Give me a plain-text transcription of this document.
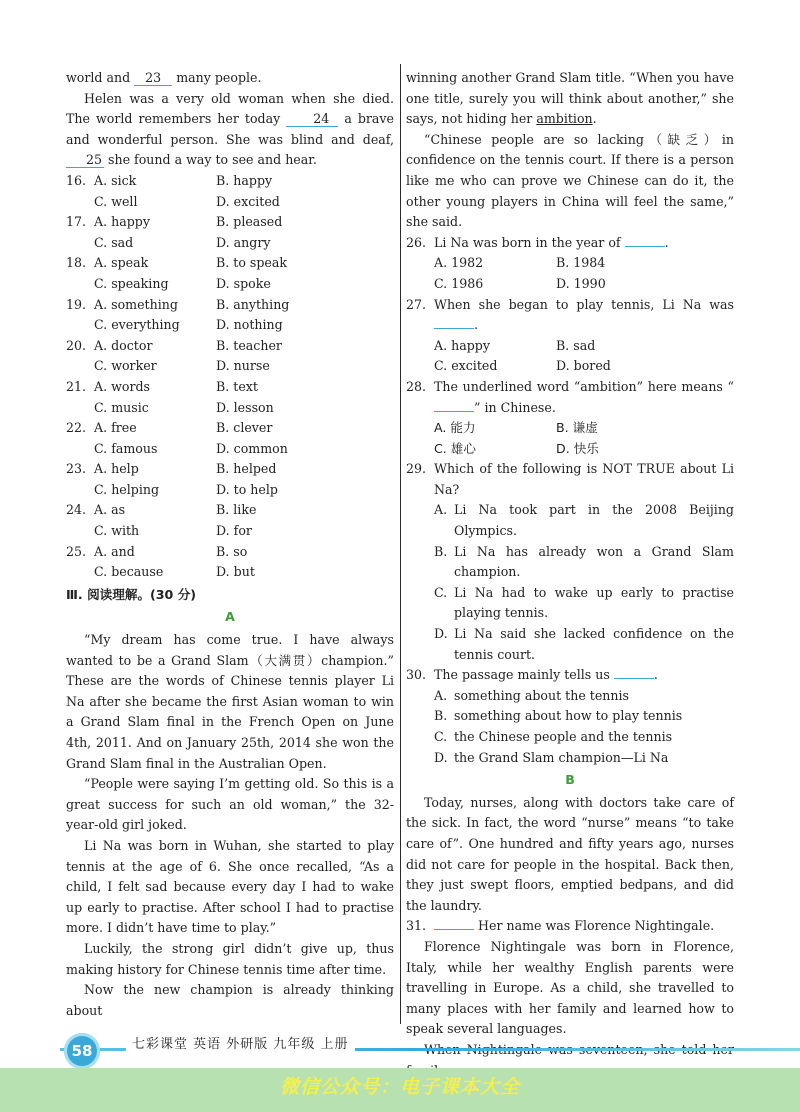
world and 23 many people.

Helen was a very old woman when she died. The world remembers her today	24 a brave and wonderful person. She was blind and deaf, 25 she found a way to see and hear.

16. A. sick	B. happy
C. well	D. excited
17. A. happy	B. pleased
C. sad	D. angry
18. A. speak	B. to speak
C. speaking	D. spoke
19. A. something	B. anything
C. everything	D. nothing
20. A. doctor	B. teacher
C. worker	D. nurse
21. A. words	B. text
C. music	D. lesson
22. A. free	B. clever
C. famous	D. common
23. A. help	B. helped
C. helping	D. to help
24. A. as	B. like
C. with	D. for
25. A. and	B. so
C. because	D. but
Ⅲ. 阅读理解。(30 分)
A

“My dream has come true. I have always wanted to be a Grand Slam（大满贯）champion.” These are the words of Chinese tennis player Li Na after she became the first Asian woman to win a Grand Slam final in the French Open on June 4th, 2011. And on January 25th, 2014 she won the Grand Slam final in the Australian Open.

“People were saying I’m getting old. So this is a great success for such an old woman,” the 32-year-old girl joked.

Li Na was born in Wuhan, she started to play tennis at the age of 6. She once recalled, “As a child, I felt sad because every day I had to wake up early to practise. After school I had to practise more. I didn’t have time to play.”

Luckily, the strong girl didn’t give up, thus making history for Chinese tennis time after time.

Now the new champion is already thinking about

winning another Grand Slam title. “When you have one title, surely you will think about another,” she says, not hiding her ambition.

“Chinese people are so lacking（缺乏）in confidence on the tennis court. If there is a person like me who can prove we Chinese can do it, the other young players in China will feel the same,” she said.

26. Li Na was born in the year of	.
A. 1982	B. 1984
C. 1986	D. 1990
27. When she began to play tennis, Li Na was .
A. happy	B. sad
C. excited	D. bored
28. The underlined word “ambition” here means “” in Chinese.
A. 能力	B. 谦虚
C. 雄心	D. 快乐
29. Which of the following is NOT TRUE about Li Na?
A. Li Na took part in the 2008 Beijing Olympics.
B. Li Na has already won a Grand Slam champion.
C. Li Na had to wake up early to practise playing tennis.
D. Li Na said she lacked confidence on the tennis court.
30. The passage mainly tells us	.
A. something about the tennis
B. something about how to play tennis
C. the Chinese people and the tennis
D. the Grand Slam champion—Li Na
B

Today, nurses, along with doctors take care of the sick. In fact, the word “nurse” means “to take care of”. One hundred and fifty years ago, nurses did not care for people in the hospital. Back then, they just swept floors, emptied bedpans, and did the laundry.

31.	Her name was Florence Nightingale.

Florence Nightingale was born in Florence, Italy, while her wealthy English parents were travelling in Europe. As a child, she travelled to many places with her family and learned how to speak several languages.

58	七彩课堂 英语 外研版 九年级 上册
微信公众号：电子课本大全
